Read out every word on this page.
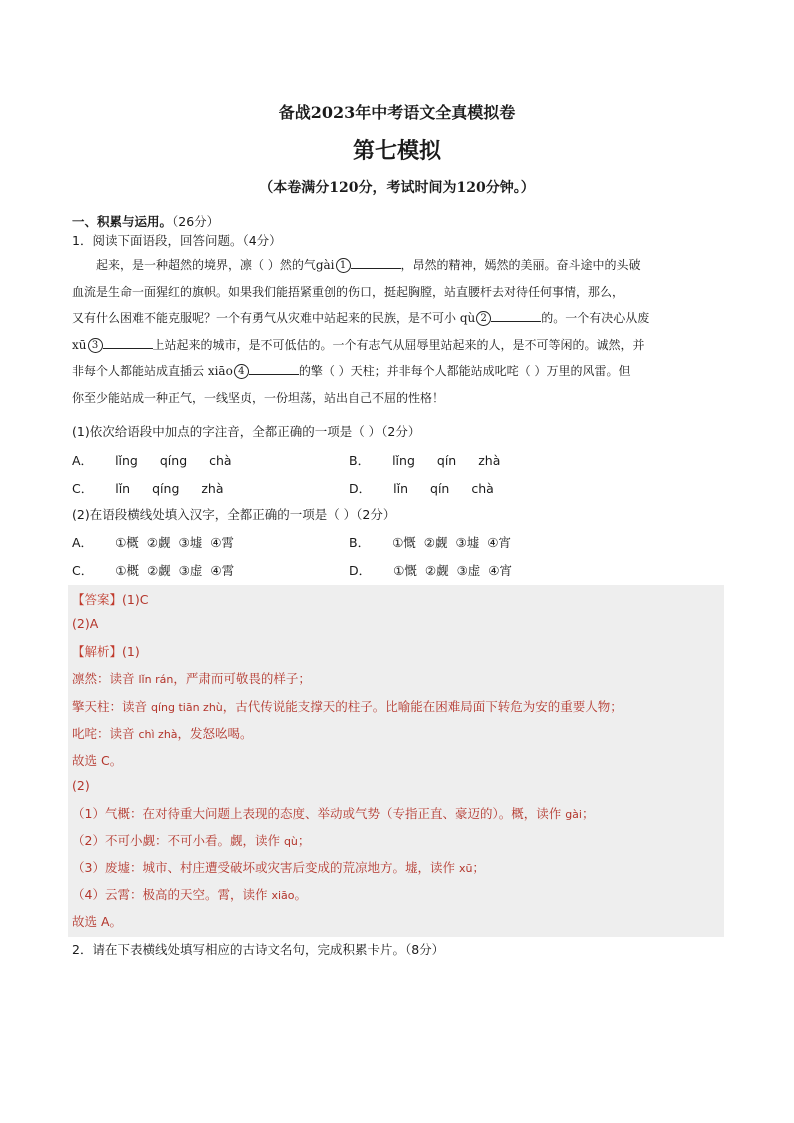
备战2023年中考语文全真模拟卷
第七模拟
（本卷满分120分，考试时间为120分钟。）
一、积累与运用。（26分）
1．阅读下面语段，回答问题。（4分）

　　起来，是一种超然的境界，凛（ ）然的气gài 1	，昂然的精神，嫣然的美丽。奋斗途中的头破

血流是生命一面猩红的旗帜。如果我们能捂紧重创的伤口，挺起胸膛，站直腰杆去对待任何事情，那么，

又有什么困难不能克服呢？一个有勇气从灾难中站起来的民族，是不可小 qù 2	的。一个有决心从废

xū 3	上站起来的城市，是不可低估的。一个有志气从屈辱里站起来的人，是不可等闲的。诚然，并

非每个人都能站成直插云 xiāo 4	的擎（ ）天柱；并非每个人都能站成叱咤（ ）万里的风雷。但

你至少能站成一种正气，一线坚贞，一份坦荡，站出自己不屈的性格！

(1)依次给语段中加点的字注音，全都正确的一项是（ ）（2分）
A． lǐng qíng chà	B． lǐng qín zhà
C． lǐn qíng zhà	D． lǐn qín chà
(2)在语段横线处填入汉字，全都正确的一项是（ ）（2分）
A． ①概 ②觑 ③墟 ④霄	B． ①慨 ②觑 ③墟 ④宵
C． ①概 ②觑 ③虚 ④霄	D． ①慨 ②觑 ③虚 ④宵
【答案】(1)C
(2)A
【解析】(1)
凛然：读音 lǐn rán，严肃而可敬畏的样子；
擎天柱：读音 qíng tiān zhù，古代传说能支撑天的柱子。比喻能在困难局面下转危为安的重要人物；
叱咤：读音 chì zhà，发怒吆喝。
故选 C。
(2)
（1）气概：在对待重大问题上表现的态度、举动或气势（专指正直、豪迈的）。概，读作 gài；
（2）不可小觑：不可小看。觑，读作 qù；
（3）废墟：城市、村庄遭受破坏或灾害后变成的荒凉地方。墟，读作 xū；
（4）云霄：极高的天空。霄，读作 xiāo。
故选 A。
2．请在下表横线处填写相应的古诗文名句，完成积累卡片。（8分）
